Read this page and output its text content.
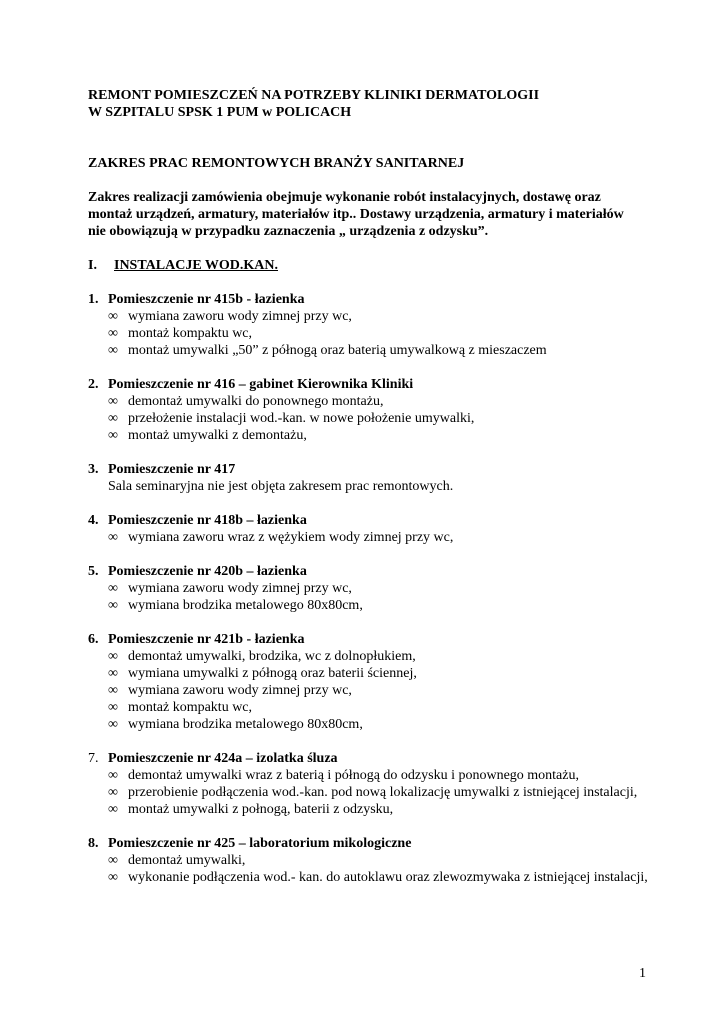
REMONT POMIESZCZEŃ NA POTRZEBY KLINIKI DERMATOLOGII
W SZPITALU SPSK 1 PUM w POLICACH
ZAKRES PRAC REMONTOWYCH BRANŻY SANITARNEJ
Zakres realizacji zamówienia obejmuje wykonanie robót instalacyjnych, dostawę oraz
montaż urządzeń, armatury, materiałów itp.. Dostawy urządzenia, armatury i materiałów
nie obowiązują w przypadku zaznaczenia „ urządzenia z odzysku”.
I.	INSTALACJE WOD.KAN.
1. Pomieszczenie nr 415b - łazienka
∞ wymiana zaworu wody zimnej przy wc,
∞ montaż kompaktu wc,
∞ montaż umywalki „50” z półnogą oraz baterią umywalkową z mieszaczem
2. Pomieszczenie nr 416 – gabinet Kierownika Kliniki
∞ demontaż umywalki do ponownego montażu,
∞ przełożenie instalacji wod.-kan. w nowe położenie umywalki,
∞ montaż umywalki z demontażu,
3. Pomieszczenie nr 417
Sala seminaryjna nie jest objęta zakresem prac remontowych.
4. Pomieszczenie nr 418b – łazienka
∞ wymiana zaworu wraz z wężykiem wody zimnej przy wc,
5. Pomieszczenie nr 420b – łazienka
∞ wymiana zaworu wody zimnej przy wc,
∞ wymiana brodzika metalowego 80x80cm,
6. Pomieszczenie nr 421b - łazienka
∞ demontaż umywalki, brodzika, wc z dolnopłukiem,
∞ wymiana umywalki z półnogą oraz baterii ściennej,
∞ wymiana zaworu wody zimnej przy wc,
∞ montaż kompaktu wc,
∞ wymiana brodzika metalowego 80x80cm,
7. Pomieszczenie nr 424a – izolatka śluza
∞ demontaż umywalki wraz z baterią i półnogą do odzysku i ponownego montażu,
∞ przerobienie podłączenia wod.-kan. pod nową lokalizację umywalki z istniejącej instalacji,
∞ montaż umywalki z połnogą, baterii z odzysku,
8. Pomieszczenie nr 425 – laboratorium mikologiczne
∞ demontaż umywalki,
∞ wykonanie podłączenia wod.- kan. do autoklawu oraz zlewozmywaka z istniejącej instalacji,
1
